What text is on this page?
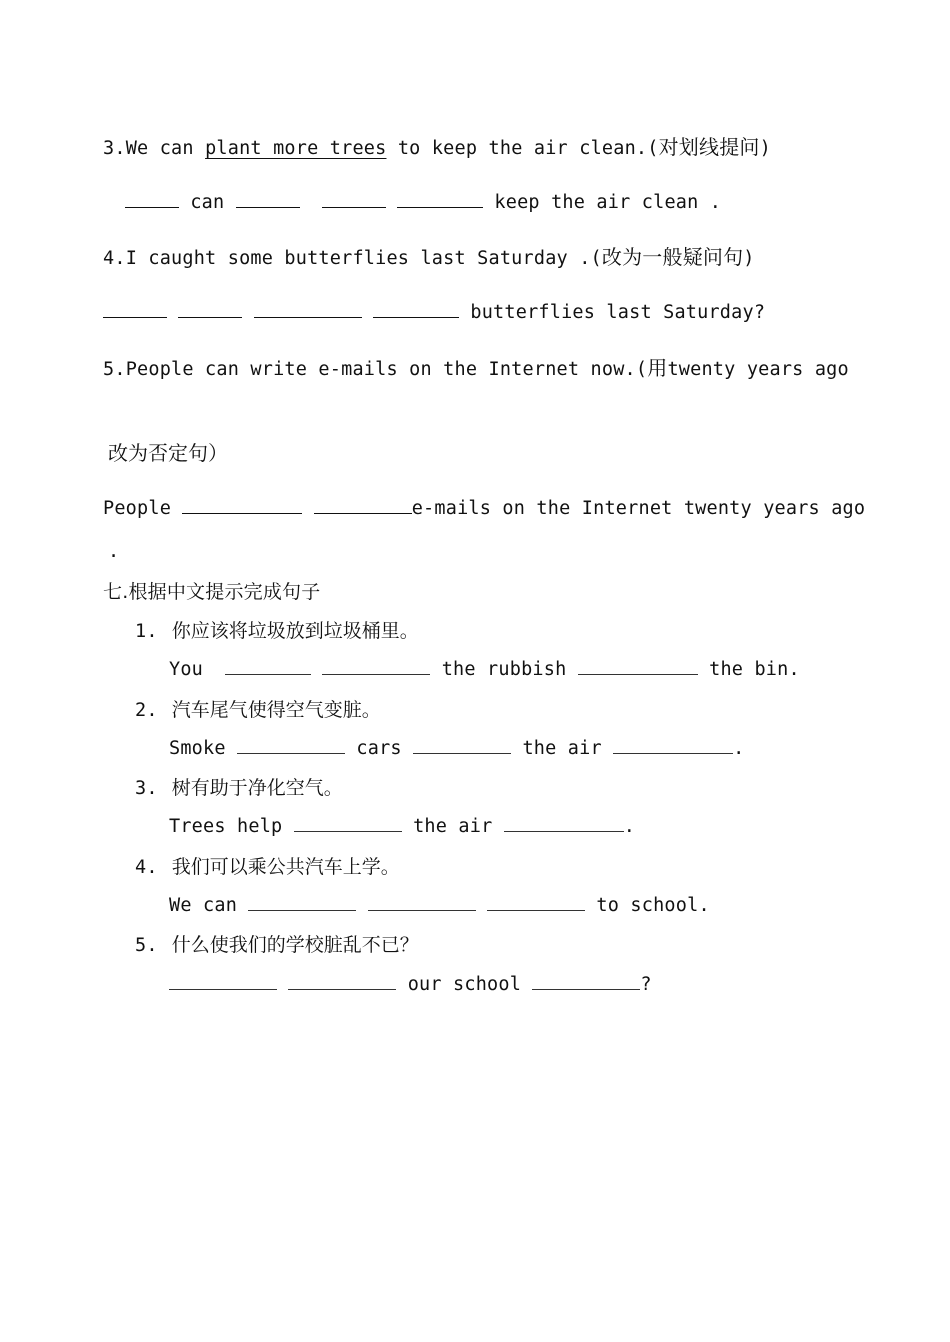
3.We can plant more trees to keep the air clean.(对划线提问)
can	keep the air clean .
4.I caught some butterflies last Saturday .(改为一般疑问句)
butterflies last Saturday?
5.People can write e-mails on the Internet now.(用twenty years ago
改为否定句）
People	e-mails on the Internet twenty years ago
.
七.根据中文提示完成句子
1. 你应该将垃圾放到垃圾桶里。
You	the rubbish	the bin.
2. 汽车尾气使得空气变脏。
Smoke	cars	the air	.
3. 树有助于净化空气。
Trees help	the air	.
4. 我们可以乘公共汽车上学。
We can	to school.
5. 什么使我们的学校脏乱不已？
our school	?
